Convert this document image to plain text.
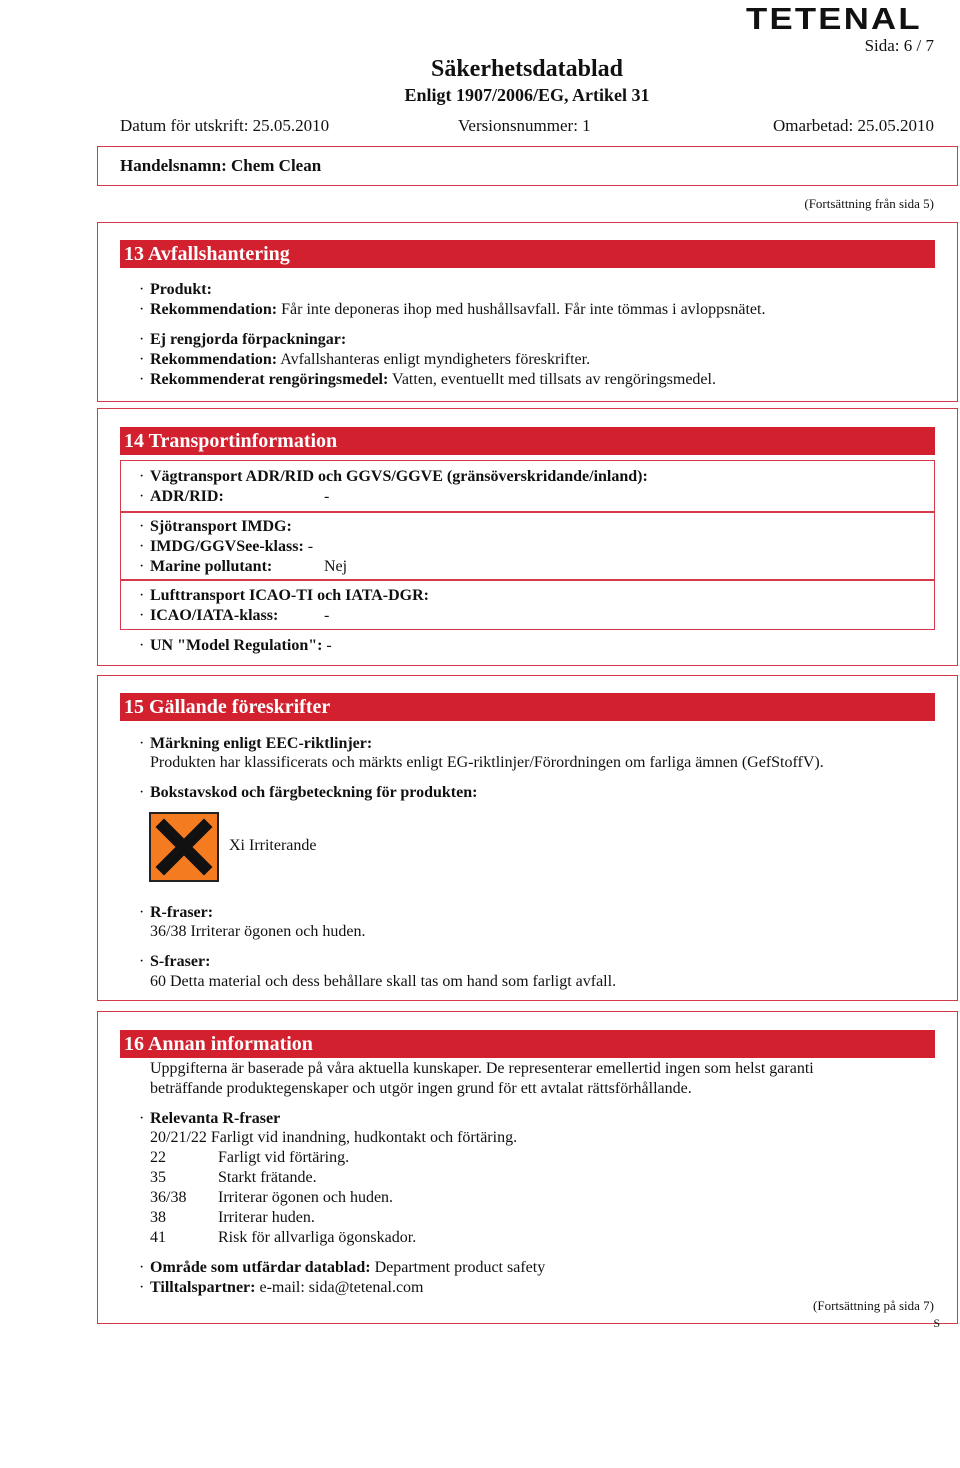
TETENAL
Sida: 6 / 7
Säkerhetsdatablad
Enligt 1907/2006/EG, Artikel 31
Datum för utskrift: 25.05.2010	Versionsnummer: 1	Omarbetad: 25.05.2010
Handelsnamn: Chem Clean
(Fortsättning från sida 5)
13 Avfallshantering
· Produkt:
· Rekommendation: Får inte deponeras ihop med hushållsavfall. Får inte tömmas i avloppsnätet.
· Ej rengjorda förpackningar:
· Rekommendation: Avfallshanteras enligt myndigheters föreskrifter.
· Rekommenderat rengöringsmedel: Vatten, eventuellt med tillsats av rengöringsmedel.
14 Transportinformation
· Vägtransport ADR/RID och GGVS/GGVE (gränsöverskridande/inland):
· ADR/RID:	-
· Sjötransport IMDG:
· IMDG/GGVSee-klass: -
· Marine pollutant:	Nej
· Lufttransport ICAO-TI och IATA-DGR:
· ICAO/IATA-klass:	-
· UN "Model Regulation": -
15 Gällande föreskrifter
· Märkning enligt EEC-riktlinjer:
Produkten har klassificerats och märkts enligt EG-riktlinjer/Förordningen om farliga ämnen (GefStoffV).
· Bokstavskod och färgbeteckning för produkten:
Xi Irriterande
· R-fraser:
36/38 Irriterar ögonen och huden.
· S-fraser:
60 Detta material och dess behållare skall tas om hand som farligt avfall.
16 Annan information
Uppgifterna är baserade på våra aktuella kunskaper. De representerar emellertid ingen som helst garanti
beträffande produktegenskaper och utgör ingen grund för ett avtalat rättsförhållande.
· Relevanta R-fraser
20/21/22 Farligt vid inandning, hudkontakt och förtäring.
22	Farligt vid förtäring.
35	Starkt frätande.
36/38 Irriterar ögonen och huden.
38	Irriterar huden.
41	Risk för allvarliga ögonskador.
· Område som utfärdar datablad: Department product safety
· Tilltalspartner: e-mail: sida@tetenal.com
(Fortsättning på sida 7)
S
